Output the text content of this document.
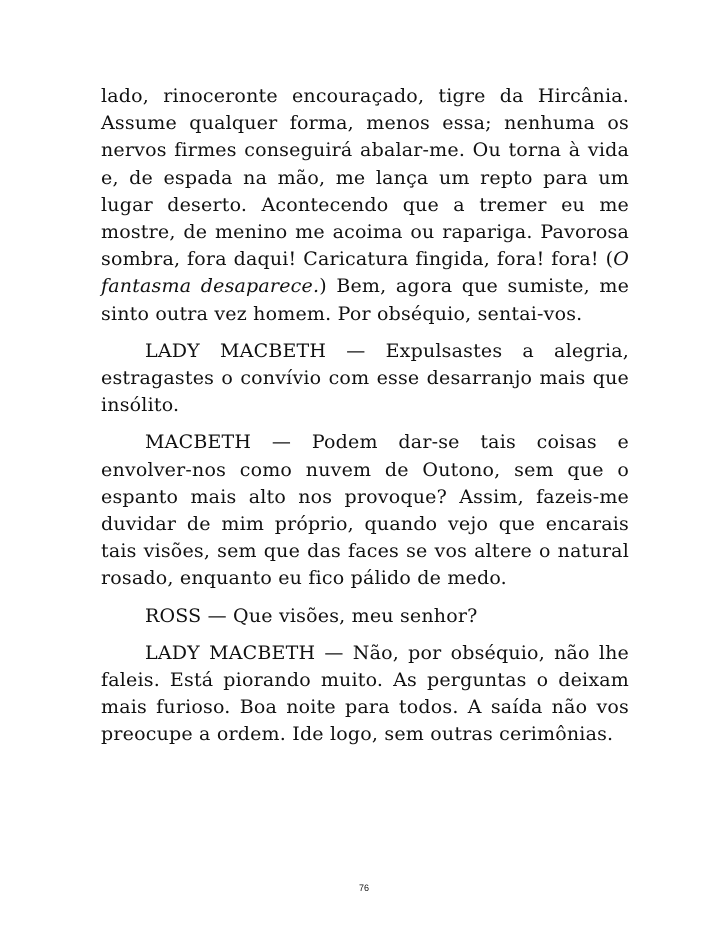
lado, rinoceronte encouraçado, tigre da Hircânia. Assume qualquer forma, menos essa; nenhuma os nervos firmes conseguirá abalar-me. Ou torna à vida e, de espada na mão, me lança um repto para um lugar deserto. Acontecendo que a tremer eu me mostre, de menino me acoima ou rapariga. Pavorosa sombra, fora daqui! Caricatura fingida, fora! fora! (O fantasma desaparece.) Bem, agora que sumiste, me sinto outra vez homem. Por obséquio, sentai-vos.

LADY MACBETH — Expulsastes a alegria, estragastes o convívio com esse desarranjo mais que insólito.

MACBETH — Podem dar-se tais coisas e envolver-nos como nuvem de Outono, sem que o espanto mais alto nos provoque? Assim, fazeis-me duvidar de mim próprio, quando vejo que encarais tais visões, sem que das faces se vos altere o natural rosado, enquanto eu fico pálido de medo.

ROSS — Que visões, meu senhor?

LADY MACBETH — Não, por obséquio, não lhe faleis. Está piorando muito. As perguntas o deixam mais furioso. Boa noite para todos. A saída não vos preocupe a ordem. Ide logo, sem outras cerimônias.

76
